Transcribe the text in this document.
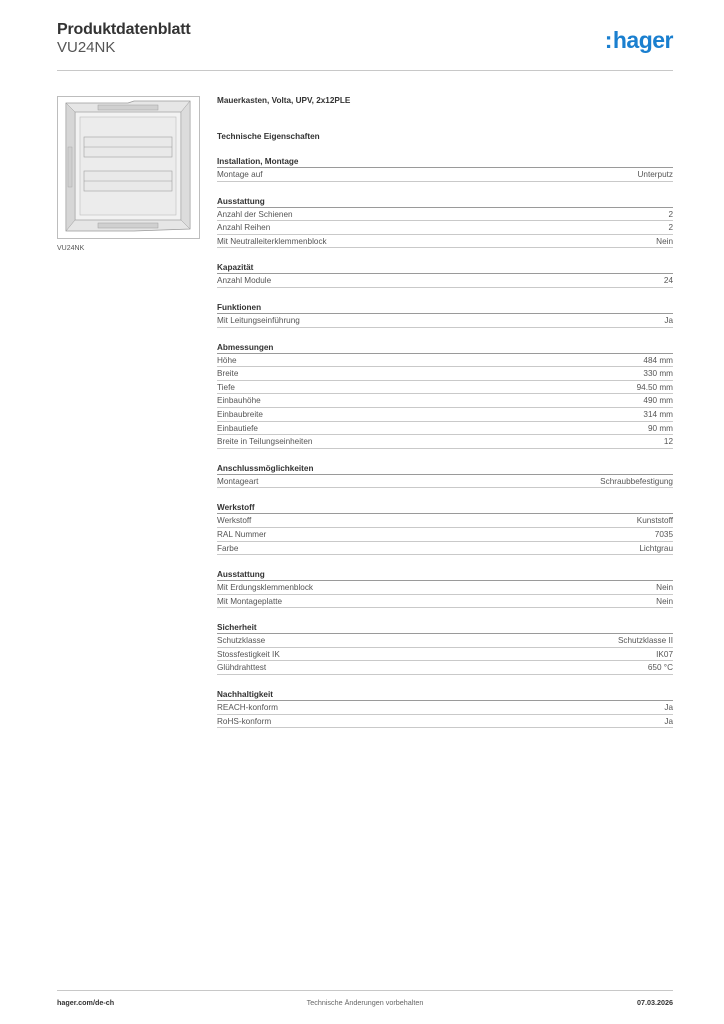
Produktdatenblatt
VU24NK	: hager
VU24NK
Mauerkasten, Volta, UPV, 2x12PLE
Technische Eigenschaften
Installation, Montage
Montage auf	Unterputz
Ausstattung
Anzahl der Schienen	2
Anzahl Reihen	2
Mit Neutralleiterklemmenblock	Nein
Kapazität
Anzahl Module	24
Funktionen
Mit Leitungseinführung	Ja
Abmessungen
Höhe	484 mm
Breite	330 mm
Tiefe	94.50 mm
Einbauhöhe	490 mm
Einbaubreite	314 mm
Einbautiefe	90 mm
Breite in Teilungseinheiten	12
Anschlussmöglichkeiten
Montageart	Schraubbefestigung
Werkstoff
Werkstoff	Kunststoff
RAL Nummer	7035
Farbe	Lichtgrau
Ausstattung
Mit Erdungsklemmenblock	Nein
Mit Montageplatte	Nein
Sicherheit
Schutzklasse	Schutzklasse II
Stossfestigkeit IK	IK07
Glühdrahttest	650 °C
Nachhaltigkeit
REACH-konform	Ja
RoHS-konform	Ja
Technische Änderungen vorbehalten
hager.com/de-ch	07.03.2026
